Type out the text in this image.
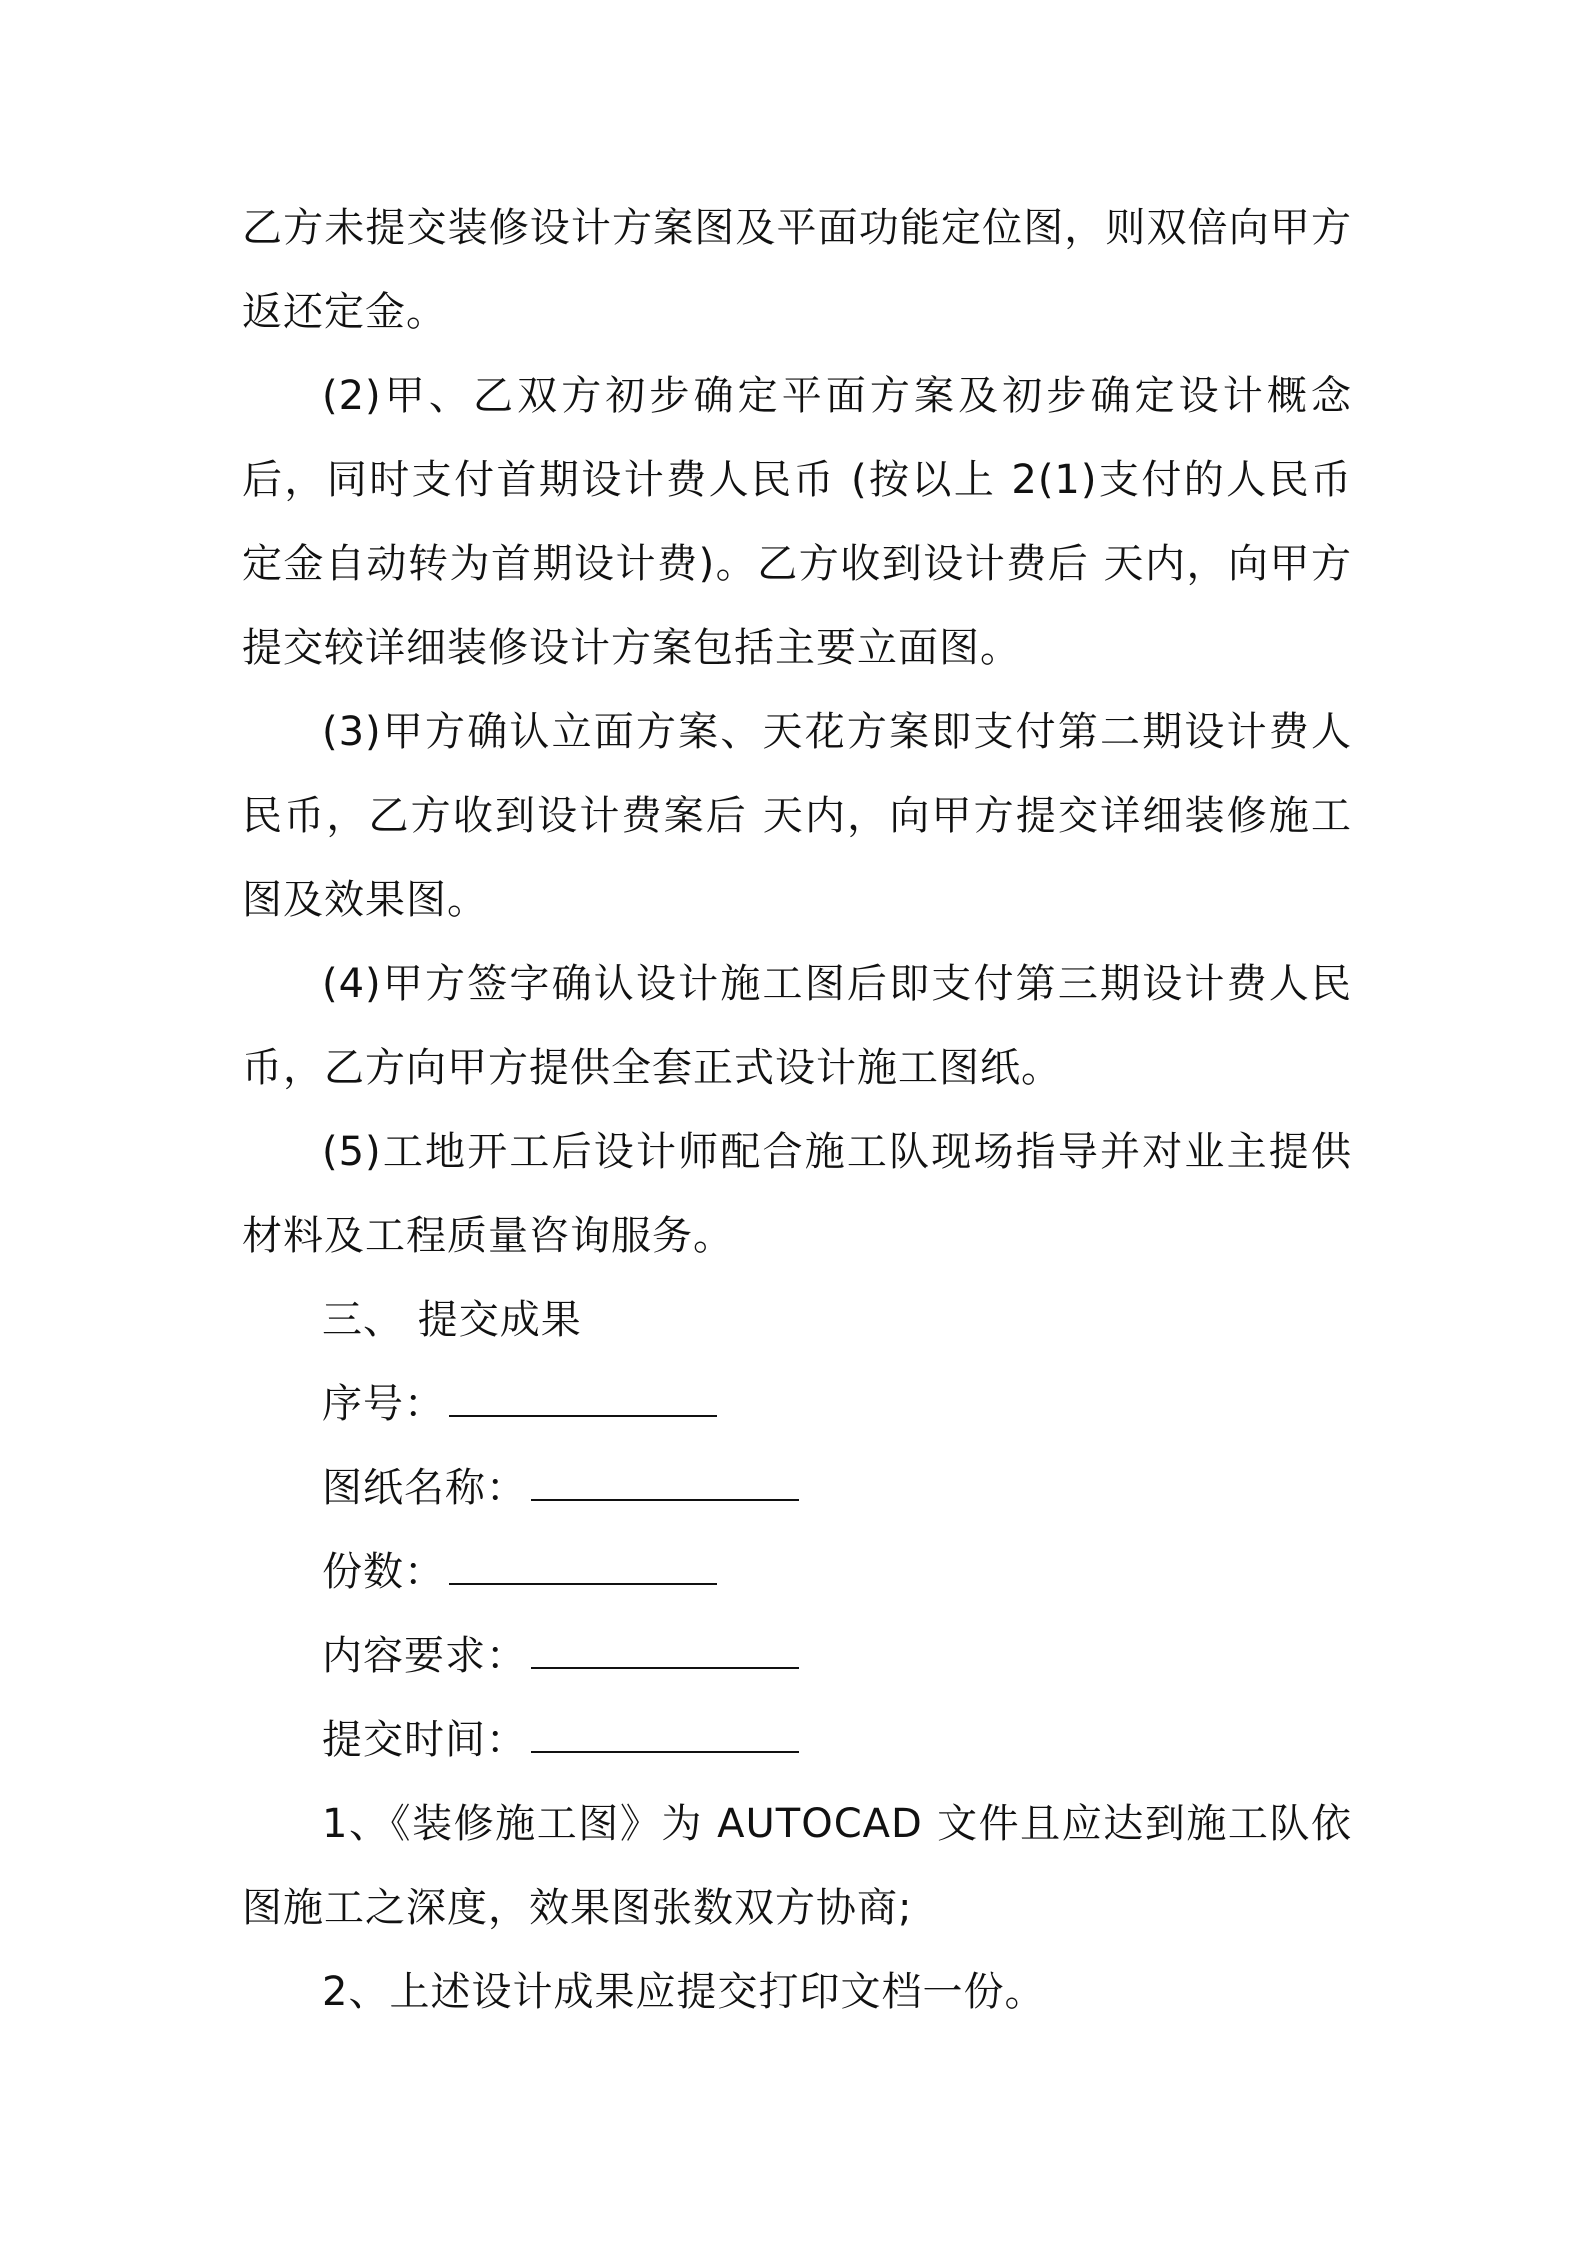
乙方未提交装修设计方案图及平面功能定位图，则双倍向甲方返还定金。

(2)甲、乙双方初步确定平面方案及初步确定设计概念后，同时支付首期设计费人民币 (按以上 2(1)支付的人民币定金自动转为首期设计费)。乙方收到设计费后 天内，向甲方提交较详细装修设计方案包括主要立面图。

(3)甲方确认立面方案、天花方案即支付第二期设计费人民币，乙方收到设计费案后 天内，向甲方提交详细装修施工图及效果图。

(4)甲方签字确认设计施工图后即支付第三期设计费人民币，乙方向甲方提供全套正式设计施工图纸。

(5)工地开工后设计师配合施工队现场指导并对业主提供材料及工程质量咨询服务。

三、 提交成果

序号：

图纸名称：

份数：

内容要求：

提交时间：

1、《装修施工图》为 AUTOCAD 文件且应达到施工队依图施工之深度，效果图张数双方协商;

2、上述设计成果应提交打印文档一份。
